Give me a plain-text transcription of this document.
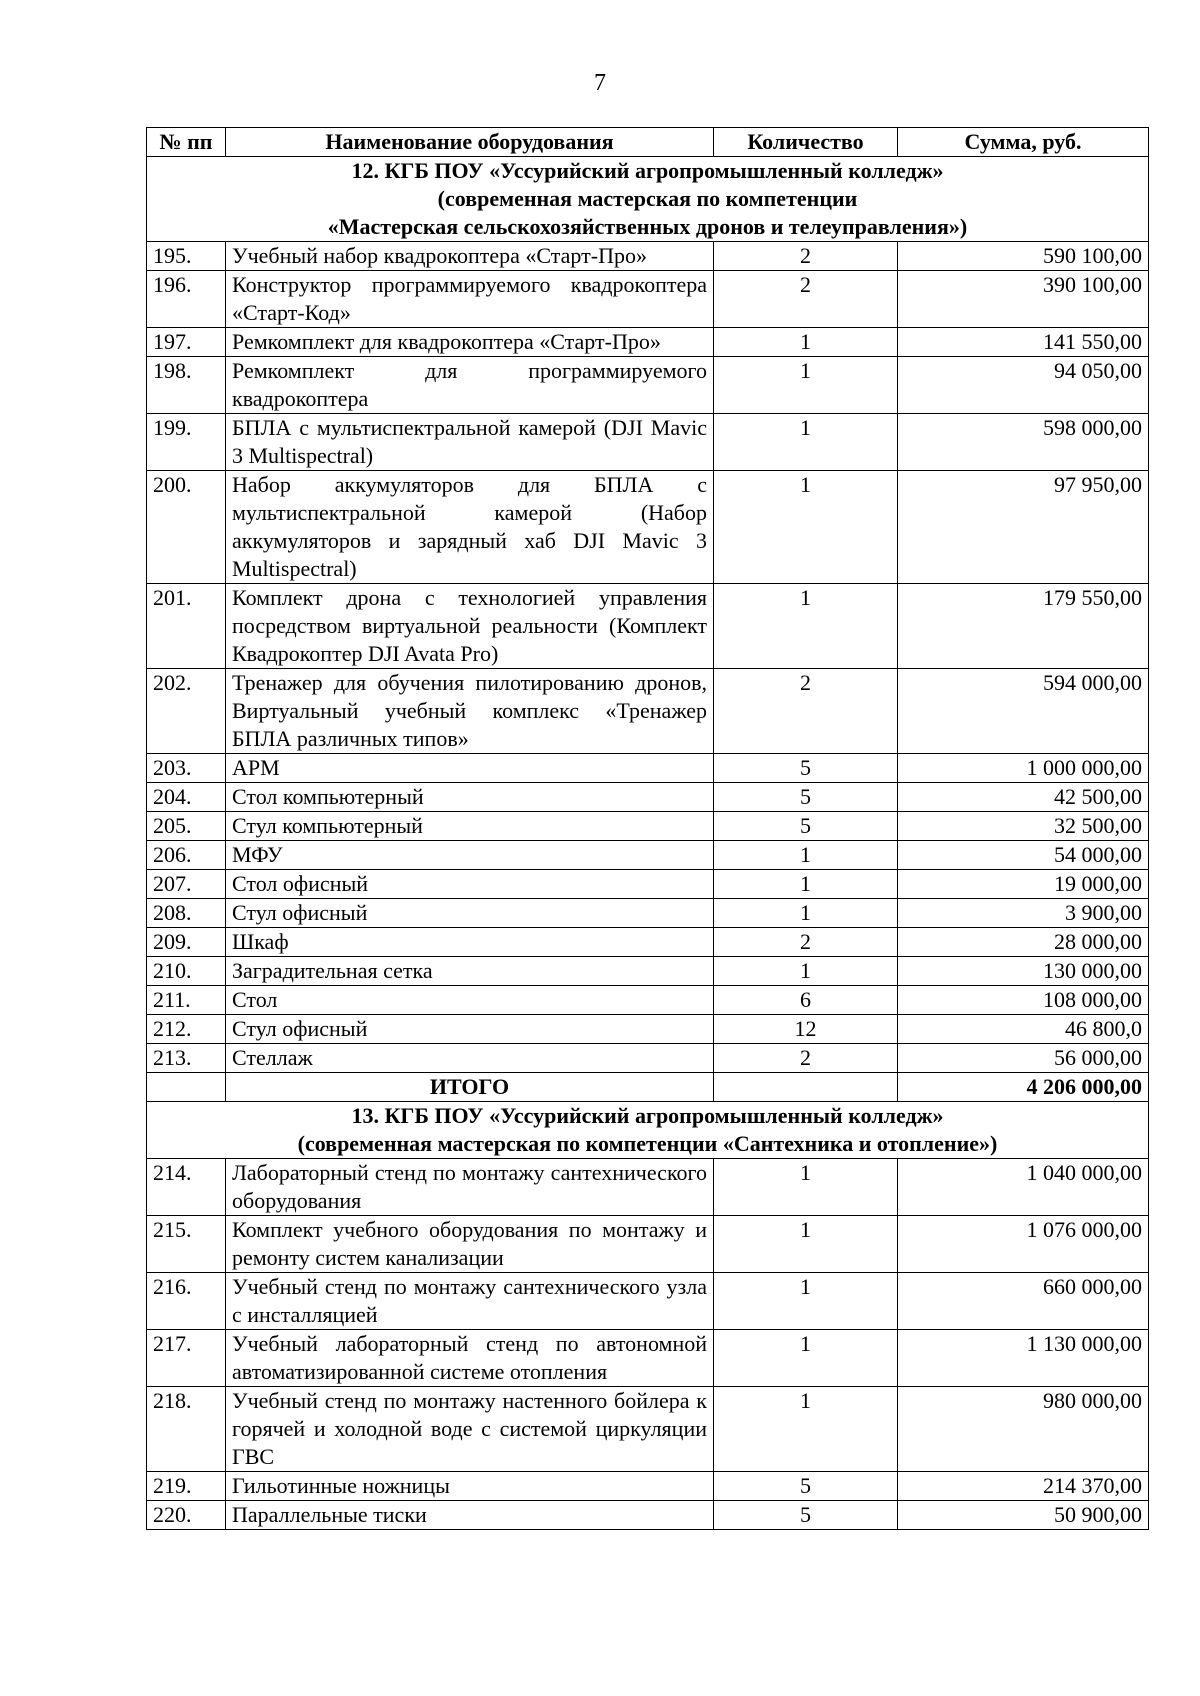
7
№ пп	Наименование оборудования	Количество	Сумма, руб.

12. КГБ ПОУ «Уссурийский агропромышленный колледж»
(современная мастерская по компетенции
«Мастерская сельскохозяйственных дронов и телеуправления»)			

195.	Учебный набор квадрокоптера «Старт-Про»	2	590 100,00
196.	Конструктор программируемого квадрокоптера «Старт-Код»	2	390 100,00
197.	Ремкомплект для квадрокоптера «Старт-Про»	1	141 550,00
198.	Ремкомплект для программируемого квадрокоптера	1	94 050,00
199.	БПЛА с мультиспектральной камерой (DJI Mavic 3 Multispectral)	1	598 000,00
200.	Набор аккумуляторов для БПЛА с мультиспектральной камерой (Набор аккумуляторов и зарядный хаб DJI Mavic 3 Multispectral)	1	97 950,00
201.	Комплект дрона с технологией управления посредством виртуальной реальности (Комплект Квадрокоптер DJI Avata Pro)	1	179 550,00
202.	Тренажер для обучения пилотированию дронов, Виртуальный учебный комплекс «Тренажер БПЛА различных типов»	2	594 000,00
203.	АРМ	5	1 000 000,00
204.	Стол компьютерный	5	42 500,00
205.	Стул компьютерный	5	32 500,00
206.	МФУ	1	54 000,00
207.	Стол офисный	1	19 000,00
208.	Стул офисный	1	3 900,00
209.	Шкаф	2	28 000,00
210.	Заградительная сетка	1	130 000,00
211.	Стол	6	108 000,00
212.	Стул офисный	12	46 800,0
213.	Стеллаж	2	56 000,00
	ИТОГО		4 206 000,00

13. КГБ ПОУ «Уссурийский агропромышленный колледж»
(современная мастерская по компетенции «Сантехника и отопление»)			

214.	Лабораторный стенд по монтажу сантехнического оборудования	1	1 040 000,00
215.	Комплект учебного оборудования по монтажу и ремонту систем канализации	1	1 076 000,00
216.	Учебный стенд по монтажу сантехнического узла с инсталляцией	1	660 000,00
217.	Учебный лабораторный стенд по автономной автоматизированной системе отопления	1	1 130 000,00
218.	Учебный стенд по монтажу настенного бойлера к горячей и холодной воде с системой циркуляции ГВС	1	980 000,00
219.	Гильотинные ножницы	5	214 370,00
220.	Параллельные тиски	5	50 900,00
